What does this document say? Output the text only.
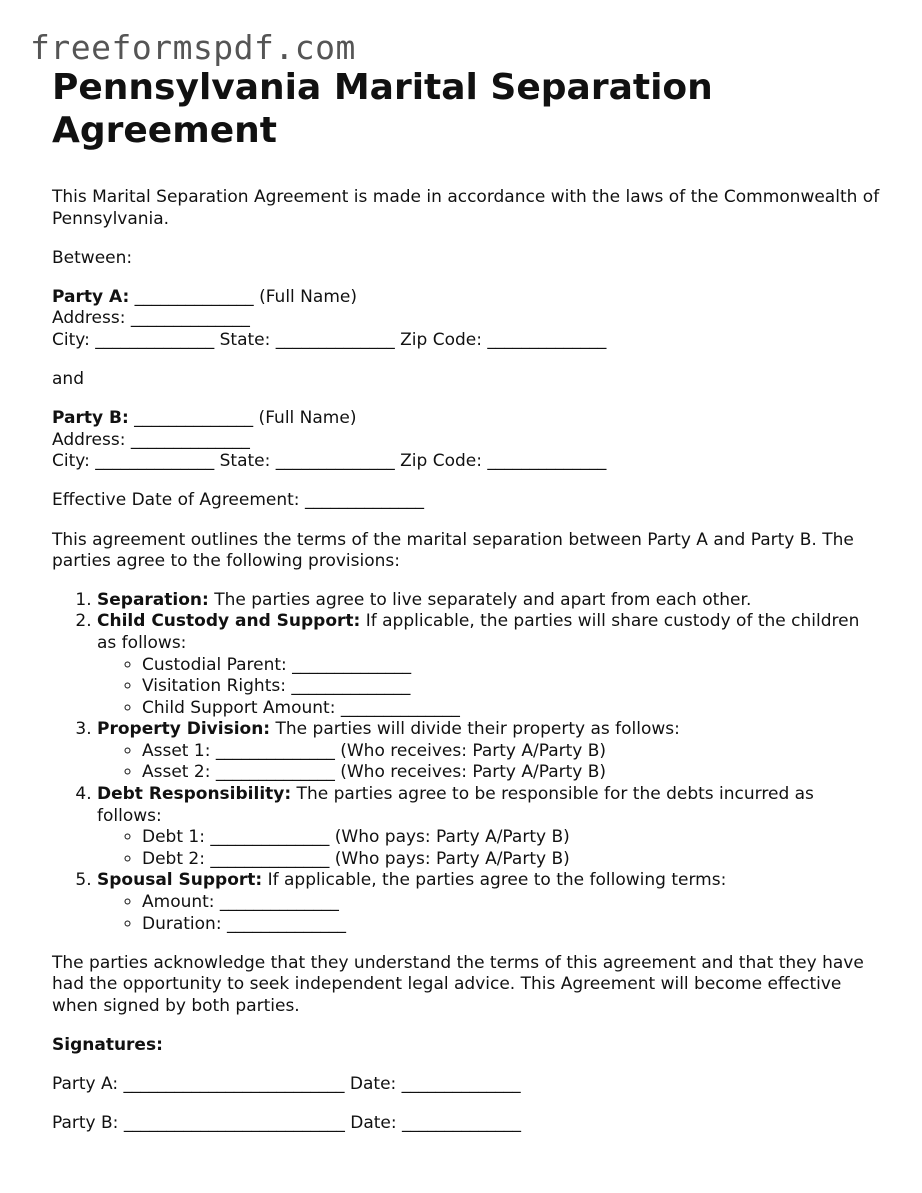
freeformspdf.com
Pennsylvania Marital Separation Agreement

This Marital Separation Agreement is made in accordance with the laws of the Commonwealth of Pennsylvania.

Between:

Party A: ______________ (Full Name)

Address: ______________

City: ______________ State: ______________ Zip Code: ______________

and

Party B: ______________ (Full Name)

Address: ______________

City: ______________ State: ______________ Zip Code: ______________

Effective Date of Agreement: ______________

This agreement outlines the terms of the marital separation between Party A and Party B. The parties agree to the following provisions:

1. Separation: The parties agree to live separately and apart from each other.
2. Child Custody and Support: If applicable, the parties will share custody of the children as follows:
◦ Custodial Parent: ______________
◦ Visitation Rights: ______________
◦ Child Support Amount: ______________
3. Property Division: The parties will divide their property as follows:
◦ Asset 1: ______________ (Who receives: Party A/Party B)
◦ Asset 2: ______________ (Who receives: Party A/Party B)
4. Debt Responsibility: The parties agree to be responsible for the debts incurred as follows:
◦ Debt 1: ______________ (Who pays: Party A/Party B)
◦ Debt 2: ______________ (Who pays: Party A/Party B)
5. Spousal Support: If applicable, the parties agree to the following terms:
◦ Amount: ______________
◦ Duration: ______________

The parties acknowledge that they understand the terms of this agreement and that they have had the opportunity to seek independent legal advice. This Agreement will become effective when signed by both parties.

Signatures:

Party A: __________________________ Date: ______________

Party B: __________________________ Date: ______________
